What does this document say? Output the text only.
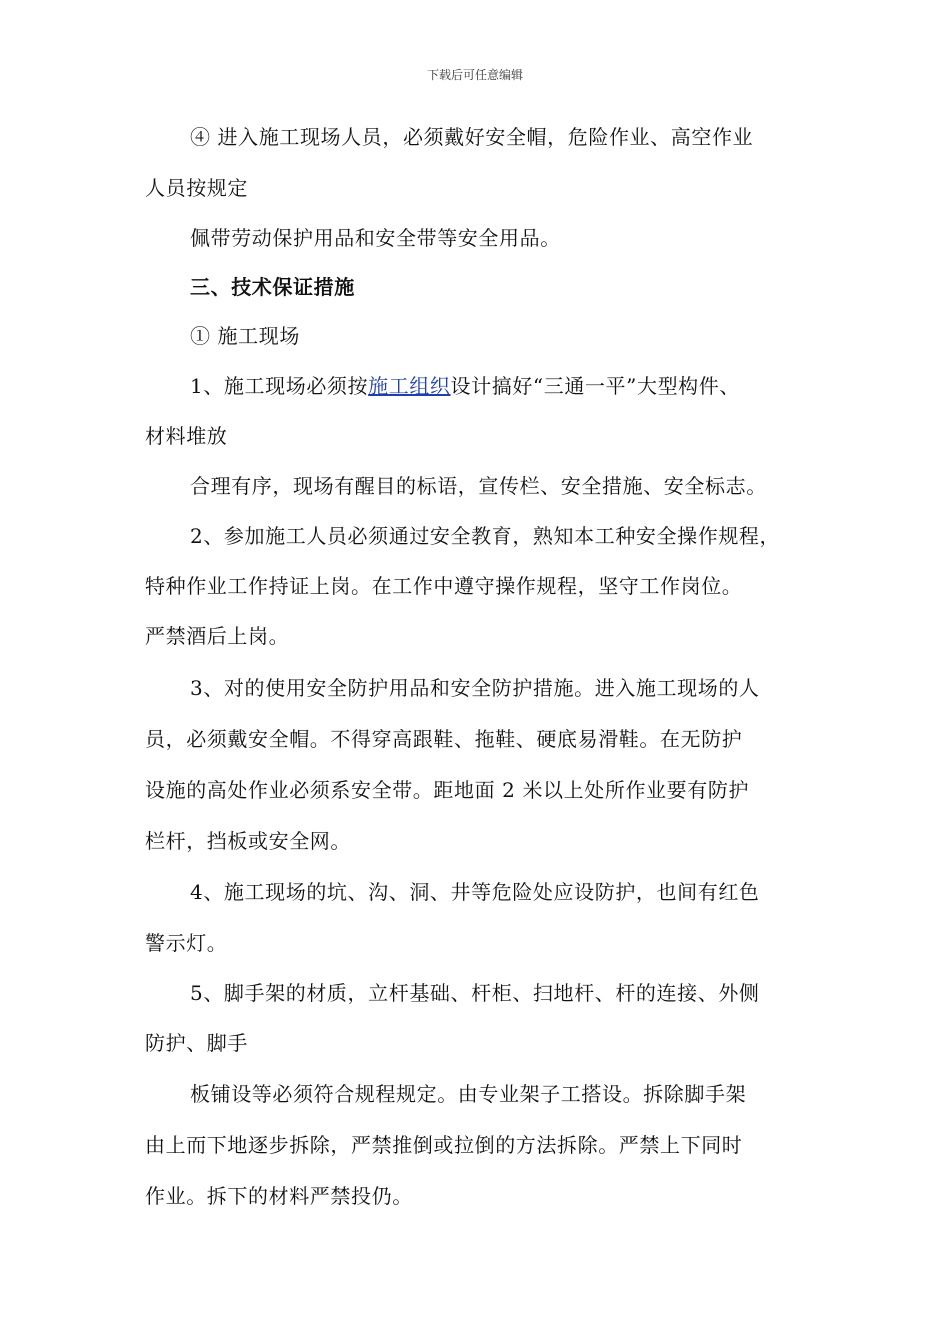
下载后可任意编辑
④ 进入施工现场人员，必须戴好安全帽，危险作业、高空作业
人员按规定
佩带劳动保护用品和安全带等安全用品。
三、技术保证措施
① 施工现场
1、施工现场必须按施工组织设计搞好“三通一平”大型构件、
材料堆放
合理有序，现场有醒目的标语，宣传栏、安全措施、安全标志。
2、参加施工人员必须通过安全教育，熟知本工种安全操作规程，
特种作业工作持证上岗。在工作中遵守操作规程，坚守工作岗位。
严禁酒后上岗。
3、对的使用安全防护用品和安全防护措施。进入施工现场的人
员，必须戴安全帽。不得穿高跟鞋、拖鞋、硬底易滑鞋。在无防护
设施的高处作业必须系安全带。距地面 2 米以上处所作业要有防护
栏杆，挡板或安全网。
4、施工现场的坑、沟、洞、井等危险处应设防护，也间有红色
警示灯。
5、脚手架的材质，立杆基础、杆柜、扫地杆、杆的连接、外侧
防护、脚手
板铺设等必须符合规程规定。由专业架子工搭设。拆除脚手架
由上而下地逐步拆除，严禁推倒或拉倒的方法拆除。严禁上下同时
作业。拆下的材料严禁投仍。
